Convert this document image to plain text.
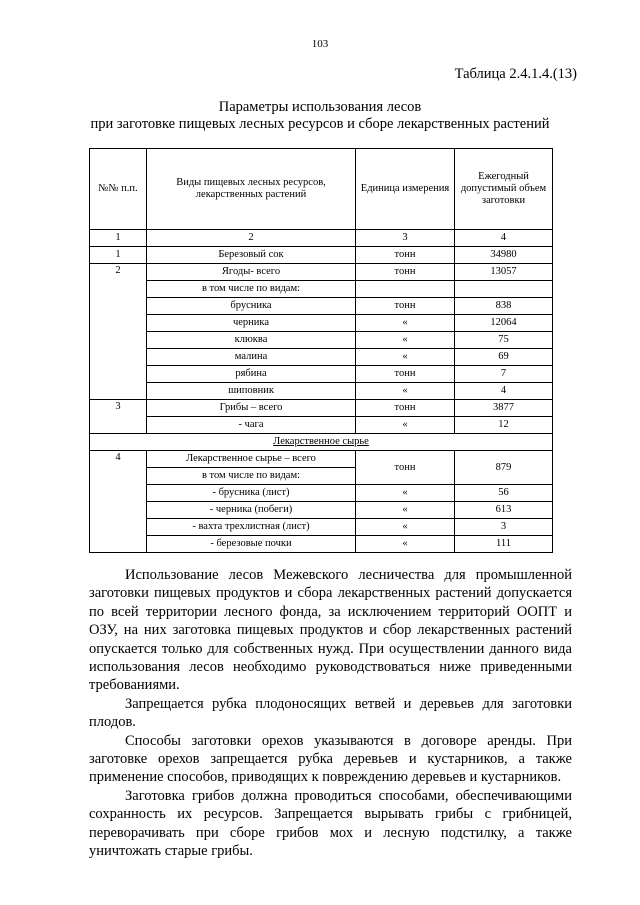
103
Таблица 2.4.1.4.(13)
Параметры использования лесов
при заготовке пищевых лесных ресурсов и сборе лекарственных растений
№№ п.п.	Виды пищевых лесных ресурсов, лекарственных растений	Единица измерения	Ежегодный допустимый объем заготовки
1	2	3	4
1	Березовый сок	тонн	34980
2	Ягоды- всего	тонн	13057
	в том числе по видам:		
	брусника	тонн	838
	черника	«	12064
	клюква	«	75
	малина	«	69
	рябина	тонн	7
	шиповник	«	4
3	Грибы – всего	тонн	3877
	- чага	«	12
Лекарственное сырье			
4	Лекарственное сырье – всего	тонн	879
	в том числе по видам:		
	- брусника (лист)	«	56
	- черника (побеги)	«	613
	- вахта трехлистная (лист)	«	3
	- березовые почки	«	111

Использование лесов Межевского лесничества для промышленной заготовки пищевых продуктов и сбора лекарственных растений допускается по всей территории лесного фонда, за исключением территорий ООПТ и ОЗУ, на них заготовка пищевых продуктов и сбор лекарственных растений опускается только для собственных нужд. При осуществлении данного вида использования лесов необходимо руководствоваться ниже приведенными требованиями.

Запрещается рубка плодоносящих ветвей и деревьев для заготовки плодов.

Способы заготовки орехов указываются в договоре аренды. При заготовке орехов запрещается рубка деревьев и кустарников, а также применение способов, приводящих к повреждению деревьев и кустарников.

Заготовка грибов должна проводиться способами, обеспечивающими сохранность их ресурсов. Запрещается вырывать грибы с грибницей, переворачивать при сборе грибов мох и лесную подстилку, а также уничтожать старые грибы.
